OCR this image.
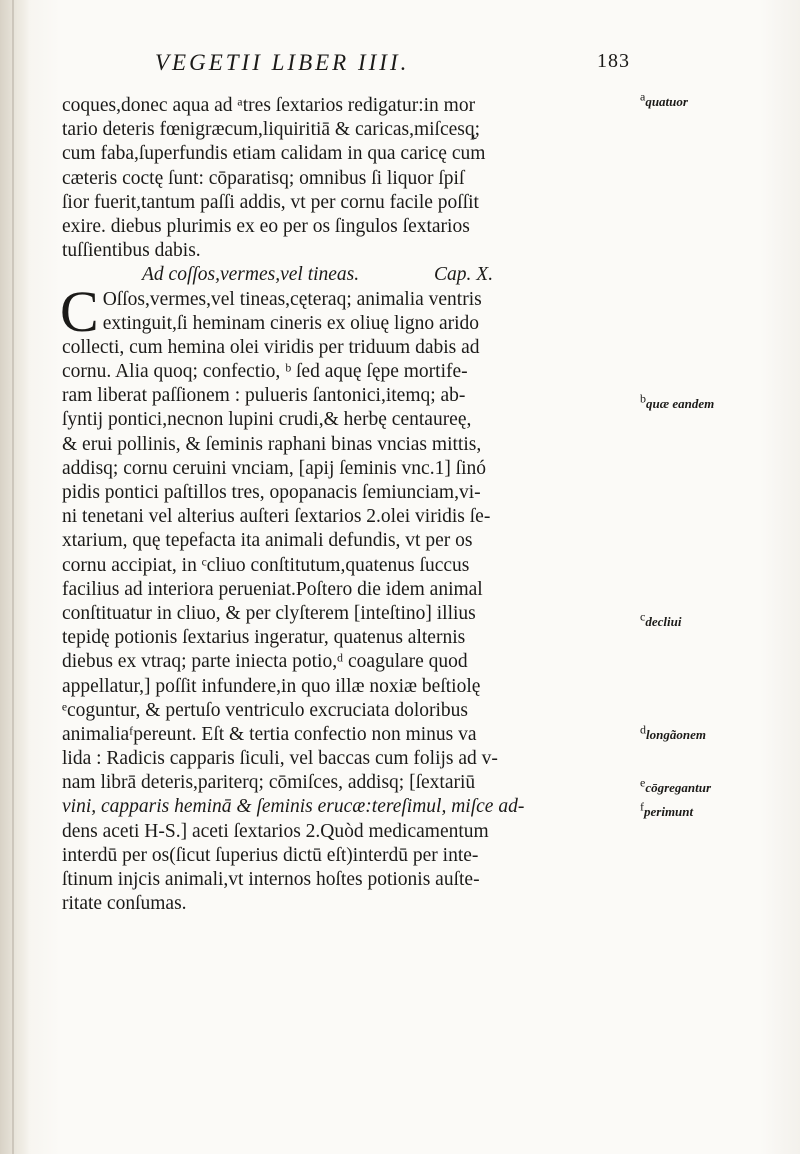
VEGETII LIBER IIII.	183
coques,donec aqua ad ᵃtres ſextarios redigatur:in mor
tario deteris fœnigræcum,liquiritiā & caricas,miſcesq̨;
cum faba,ſuperfundis etiam calidam in qua caricę cum
cæteris coctę ſunt: cōparatisq; omnibus ſi liquor ſpiſ
ſior fuerit,tantum paſſi addis, vt per cornu facile poſſit
exire. diebus plurimis ex eo per os ſingulos ſextarios
tuſſientibus dabis.
Ad coſſos,vermes,vel tineas.	Cap. X.
C Oſſos,vermes,vel tineas,cęteraq; animalia ventris
extinguit,ſi heminam cineris ex oliuę ligno arido
collecti, cum hemina olei viridis per triduum dabis ad
cornu. Alia quoq; confectio, ᵇ ſed aquę ſępe mortife-
ram liberat paſſionem : pulueris ſantonici,itemq; ab-
ſyntij pontici,necnon lupini crudi,& herbę centaureę,
& erui pollinis, & ſeminis raphani binas vncias mittis,
addisq; cornu ceruini vnciam, [apij ſeminis vnc.1] ſinó
pidis pontici paſtillos tres, opopanacis ſemiunciam,vi-
ni tenetani vel alterius auſteri ſextarios 2.olei viridis ſe-
xtarium, quę tepefacta ita animali defundis, vt per os
cornu accipiat, in ᶜcliuo conſtitutum,quatenus ſuccus
facilius ad interiora perueniat.Poſtero die idem animal
conſtituatur in cliuo, & per clyſterem [inteſtino] illius
tepidę potionis ſextarius ingeratur, quatenus alternis
diebus ex vtraq; parte iniecta potio,ᵈ coagulare quod
appellatur,] poſſit infundere,in quo illæ noxiæ beſtiolę
ᵉcoguntur, & pertuſo ventriculo excruciata doloribus
animaliaᶠpereunt. Eſt & tertia confectio non minus va
lida : Radicis capparis ſiculi, vel baccas cum folijs ad v-
nam librā deteris,pariterq; cōmiſces, addisq; [ſextariū
vini, capparis heminā & ſeminis erucæ:tereſimul, miſce ad-
dens aceti H-S.] aceti ſextarios 2.Quòd medicamentum
interdū per os(ſicut ſuperius dictū eſt)interdū per inte-
ſtinum injcis animali,vt internos hoſtes potionis auſte-
ritate conſumas.
aquatuor
bquæ eandem
cdecliui
dlongãonem
ecōgregantur
fperimunt
